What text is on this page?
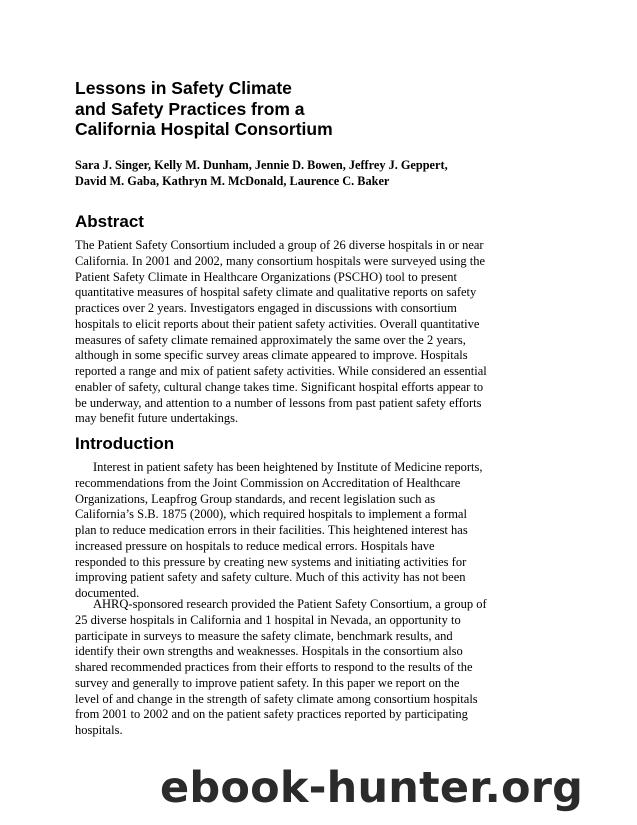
Lessons in Safety Climate
and Safety Practices from a
California Hospital Consortium
Sara J. Singer, Kelly M. Dunham, Jennie D. Bowen, Jeffrey J. Geppert,
David M. Gaba, Kathryn M. McDonald, Laurence C. Baker
Abstract
The Patient Safety Consortium included a group of 26 diverse hospitals in or near
California. In 2001 and 2002, many consortium hospitals were surveyed using the
Patient Safety Climate in Healthcare Organizations (PSCHO) tool to present
quantitative measures of hospital safety climate and qualitative reports on safety
practices over 2 years. Investigators engaged in discussions with consortium
hospitals to elicit reports about their patient safety activities. Overall quantitative
measures of safety climate remained approximately the same over the 2 years,
although in some specific survey areas climate appeared to improve. Hospitals
reported a range and mix of patient safety activities. While considered an essential
enabler of safety, cultural change takes time. Significant hospital efforts appear to
be underway, and attention to a number of lessons from past patient safety efforts
may benefit future undertakings.
Introduction
Interest in patient safety has been heightened by Institute of Medicine reports,
recommendations from the Joint Commission on Accreditation of Healthcare
Organizations, Leapfrog Group standards, and recent legislation such as
California’s S.B. 1875 (2000), which required hospitals to implement a formal
plan to reduce medication errors in their facilities. This heightened interest has
increased pressure on hospitals to reduce medical errors. Hospitals have
responded to this pressure by creating new systems and initiating activities for
improving patient safety and safety culture. Much of this activity has not been
documented.
AHRQ-sponsored research provided the Patient Safety Consortium, a group of
25 diverse hospitals in California and 1 hospital in Nevada, an opportunity to
participate in surveys to measure the safety climate, benchmark results, and
identify their own strengths and weaknesses. Hospitals in the consortium also
shared recommended practices from their efforts to respond to the results of the
survey and generally to improve patient safety. In this paper we report on the
level of and change in the strength of safety climate among consortium hospitals
from 2001 to 2002 and on the patient safety practices reported by participating
hospitals.
ebook-hunter.org
